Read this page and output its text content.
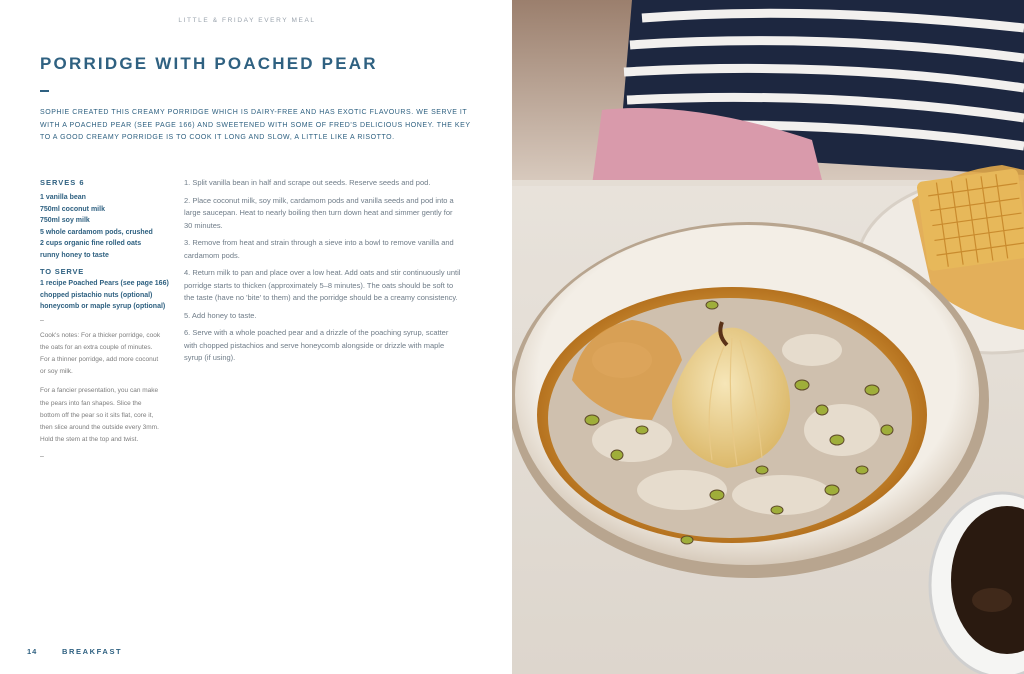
LITTLE & FRIDAY EVERY MEAL
PORRIDGE WITH POACHED PEAR

SOPHIE CREATED THIS CREAMY PORRIDGE WHICH IS DAIRY-FREE AND HAS EXOTIC FLAVOURS. WE SERVE IT WITH A POACHED PEAR (SEE PAGE 166) AND SWEETENED WITH SOME OF FRED'S DELICIOUS HONEY. THE KEY TO A GOOD CREAMY PORRIDGE IS TO COOK IT LONG AND SLOW, A LITTLE LIKE A RISOTTO.

SERVES 6
1 vanilla bean
750ml coconut milk
750ml soy milk
5 whole cardamom pods, crushed
2 cups organic fine rolled oats
runny honey to taste
TO SERVE
1 recipe Poached Pears (see page 166)
chopped pistachio nuts (optional)
honeycomb or maple syrup (optional)
–

Cook's notes: For a thicker porridge, cook the oats for an extra couple of minutes. For a thinner porridge, add more coconut or soy milk.

For a fancier presentation, you can make the pears into fan shapes. Slice the bottom off the pear so it sits flat, core it, then slice around the outside every 3mm. Hold the stem at the top and twist.

–

1. Split vanilla bean in half and scrape out seeds. Reserve seeds and pod.

2. Place coconut milk, soy milk, cardamom pods and vanilla seeds and pod into a large saucepan. Heat to nearly boiling then turn down heat and simmer gently for 30 minutes.

3. Remove from heat and strain through a sieve into a bowl to remove vanilla and cardamom pods.

4. Return milk to pan and place over a low heat. Add oats and stir continuously until porridge starts to thicken (approximately 5–8 minutes). The oats should be soft to the taste (have no 'bite' to them) and the porridge should be a creamy consistency.

5. Add honey to taste.

6. Serve with a whole poached pear and a drizzle of the poaching syrup, scatter with chopped pistachios and serve honeycomb alongside or drizzle with maple syrup (if using).

14	BREAKFAST
